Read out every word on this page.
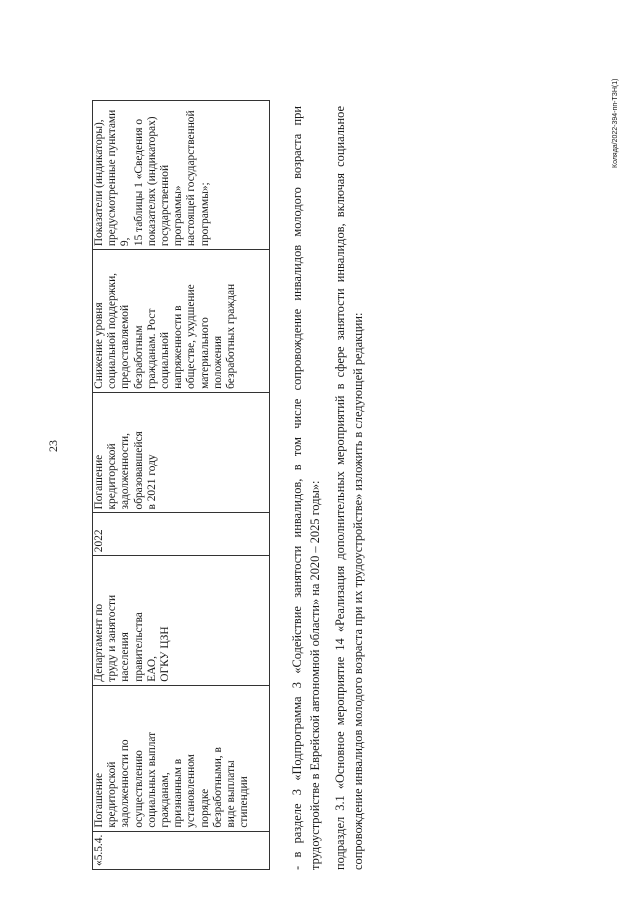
23
Коляда/2022-394-пп-ТЗН(1)
«5.5.4.

Погашение
кредиторской
задолженности по
осуществлению
социальных выплат
гражданам,
признанным в
установленном
порядке
безработными, в
виде выплаты
стипендии

Департамент по
труду и занятости
населения
правительства
ЕАО,
ОГКУ ЦЗН

2022

Погашение
кредиторской
задолженности,
образовавшейся
в 2021 году

Снижение уровня
социальной поддержки,
предоставляемой
безработным
гражданам. Рост
социальной
напряженности в
обществе, ухудшение
материального
положения
безработных граждан

Показатели (индикаторы),
предусмотренные пунктами 9,
15 таблицы 1 «Сведения о
показателях (индикаторах)
государственной программы»
настоящей государственной
программы»;	- в разделе 3 «Подпрограмма 3 «Содействие занятости инвалидов, в том числе сопровождение инвалидов молодого возраста при трудоустройстве в Еврейской автономной области» на 2020 – 2025 годы»: подраздел 3.1 «Основное мероприятие 14 «Реализация дополнительных мероприятий в сфере занятости инвалидов, включая социальное сопровождение инвалидов молодого возраста при их трудоустройстве» изложить в следующей редакции:
